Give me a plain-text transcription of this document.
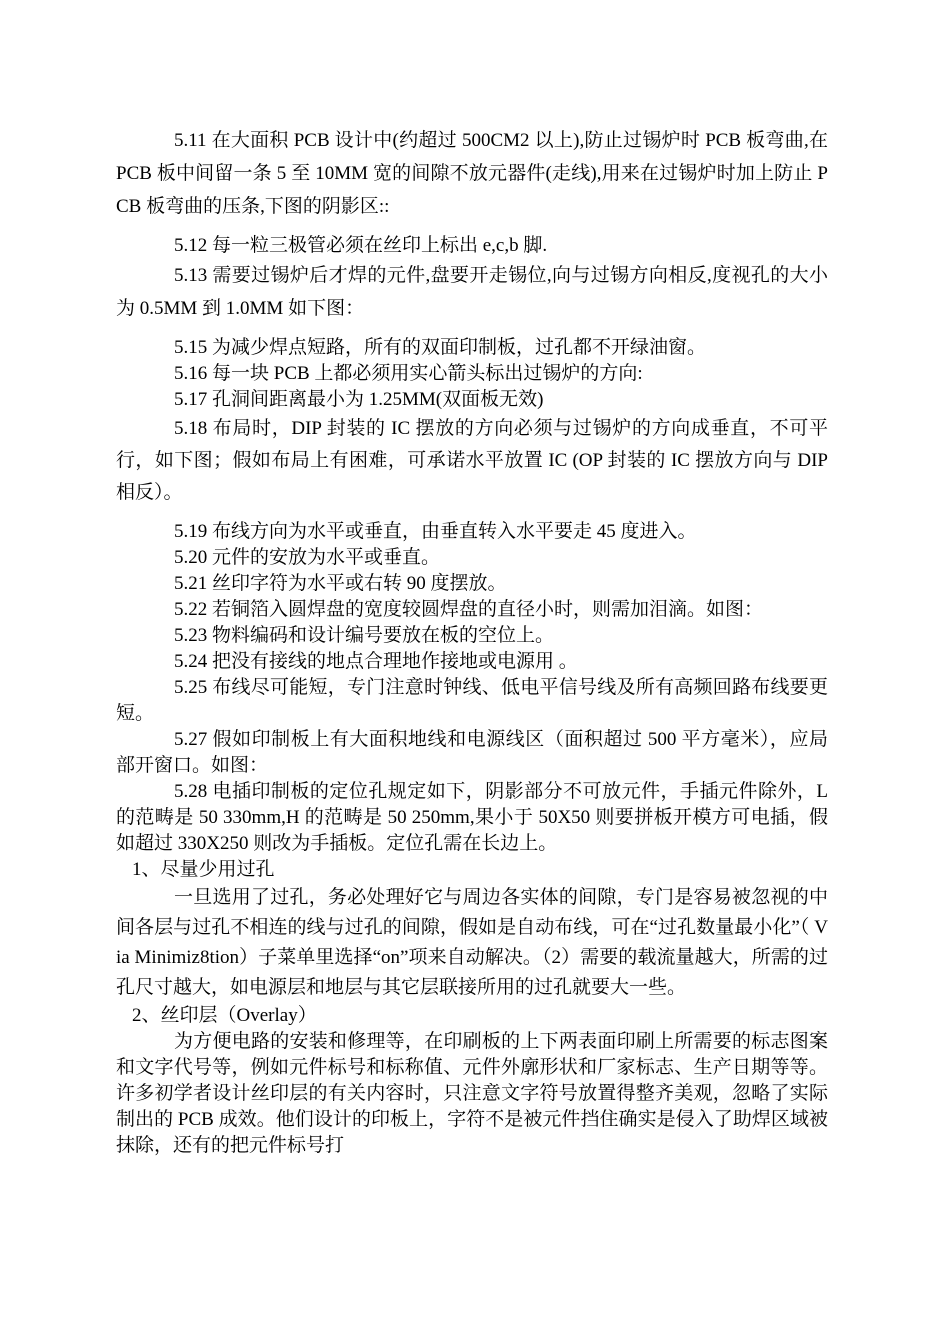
5.11 在大面积 PCB 设计中(约超过 500CM2 以上),防止过锡炉时 PCB 板弯曲,在 PCB 板中间留一条 5 至 10MM 宽的间隙不放元器件(走线),用来在过锡炉时加上防止 PCB 板弯曲的压条,下图的阴影区::

5.12 每一粒三极管必须在丝印上标出 e,c,b 脚.

5.13 需要过锡炉后才焊的元件,盘要开走锡位,向与过锡方向相反,度视孔的大小为 0.5MM 到 1.0MM 如下图：

5.15 为减少焊点短路，所有的双面印制板，过孔都不开绿油窗。

5.16 每一块 PCB 上都必须用实心箭头标出过锡炉的方向:

5.17 孔洞间距离最小为 1.25MM(双面板无效)

5.18 布局时，DIP 封装的 IC 摆放的方向必须与过锡炉的方向成垂直，不可平行，如下图；假如布局上有困难，可承诺水平放置 IC (OP 封装的 IC 摆放方向与 DIP 相反）。

5.19 布线方向为水平或垂直，由垂直转入水平要走 45 度进入。

5.20 元件的安放为水平或垂直。

5.21 丝印字符为水平或右转 90 度摆放。

5.22 若铜箔入圆焊盘的宽度较圆焊盘的直径小时，则需加泪滴。如图：

5.23 物料编码和设计编号要放在板的空位上。

5.24 把没有接线的地点合理地作接地或电源用 。

5.25 布线尽可能短，专门注意时钟线、低电平信号线及所有高频回路布线要更短。

5.27 假如印制板上有大面积地线和电源线区（面积超过 500 平方毫米），应局部开窗口。如图：

5.28 电插印制板的定位孔规定如下，阴影部分不可放元件，手插元件除外，L 的范畴是 50 330mm,H 的范畴是 50 250mm,果小于 50X50 则要拼板开模方可电插，假如超过 330X250 则改为手插板。定位孔需在长边上。

1、尽量少用过孔

一旦选用了过孔，务必处理好它与周边各实体的间隙，专门是容易被忽视的中间各层与过孔不相连的线与过孔的间隙，假如是自动布线，可在“过孔数量最小化”（ Via Minimiz8tion）子菜单里选择“on”项来自动解决。（2）需要的载流量越大，所需的过孔尺寸越大，如电源层和地层与其它层联接所用的过孔就要大一些。

2、丝印层（Overlay）

为方便电路的安装和修理等，在印刷板的上下两表面印刷上所需要的标志图案和文字代号等，例如元件标号和标称值、元件外廓形状和厂家标志、生产日期等等。许多初学者设计丝印层的有关内容时，只注意文字符号放置得整齐美观，忽略了实际制出的 PCB 成效。他们设计的印板上，字符不是被元件挡住确实是侵入了助焊区域被抹除，还有的把元件标号打
